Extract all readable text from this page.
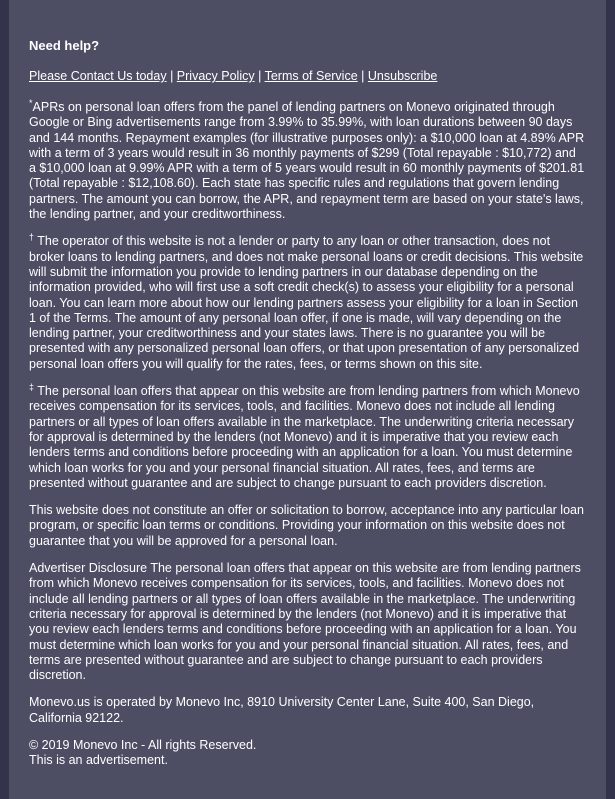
Need help?

Please Contact Us today | Privacy Policy | Terms of Service | Unsubscribe

*APRs on personal loan offers from the panel of lending partners on Monevo originated through Google or Bing advertisements range from 3.99% to 35.99%, with loan durations between 90 days and 144 months. Repayment examples (for illustrative purposes only): a $10,000 loan at 4.89% APR with a term of 3 years would result in 36 monthly payments of $299 (Total repayable : $10,772) and a $10,000 loan at 9.99% APR with a term of 5 years would result in 60 monthly payments of $201.81 (Total repayable : $12,108.60). Each state has specific rules and regulations that govern lending partners. The amount you can borrow, the APR, and repayment term are based on your state's laws, the lending partner, and your creditworthiness.

† The operator of this website is not a lender or party to any loan or other transaction, does not broker loans to lending partners, and does not make personal loans or credit decisions. This website will submit the information you provide to lending partners in our database depending on the information provided, who will first use a soft credit check(s) to assess your eligibility for a personal loan. You can learn more about how our lending partners assess your eligibility for a loan in Section 1 of the Terms. The amount of any personal loan offer, if one is made, will vary depending on the lending partner, your creditworthiness and your states laws. There is no guarantee you will be presented with any personalized personal loan offers, or that upon presentation of any personalized personal loan offers you will qualify for the rates, fees, or terms shown on this site.

‡ The personal loan offers that appear on this website are from lending partners from which Monevo receives compensation for its services, tools, and facilities. Monevo does not include all lending partners or all types of loan offers available in the marketplace. The underwriting criteria necessary for approval is determined by the lenders (not Monevo) and it is imperative that you review each lenders terms and conditions before proceeding with an application for a loan. You must determine which loan works for you and your personal financial situation. All rates, fees, and terms are presented without guarantee and are subject to change pursuant to each providers discretion.

This website does not constitute an offer or solicitation to borrow, acceptance into any particular loan program, or specific loan terms or conditions. Providing your information on this website does not guarantee that you will be approved for a personal loan.

Advertiser Disclosure The personal loan offers that appear on this website are from lending partners from which Monevo receives compensation for its services, tools, and facilities. Monevo does not include all lending partners or all types of loan offers available in the marketplace. The underwriting criteria necessary for approval is determined by the lenders (not Monevo) and it is imperative that you review each lenders terms and conditions before proceeding with an application for a loan. You must determine which loan works for you and your personal financial situation. All rates, fees, and terms are presented without guarantee and are subject to change pursuant to each providers discretion.

Monevo.us is operated by Monevo Inc, 8910 University Center Lane, Suite 400, San Diego, California 92122.

© 2019 Monevo Inc - All rights Reserved.
This is an advertisement.
